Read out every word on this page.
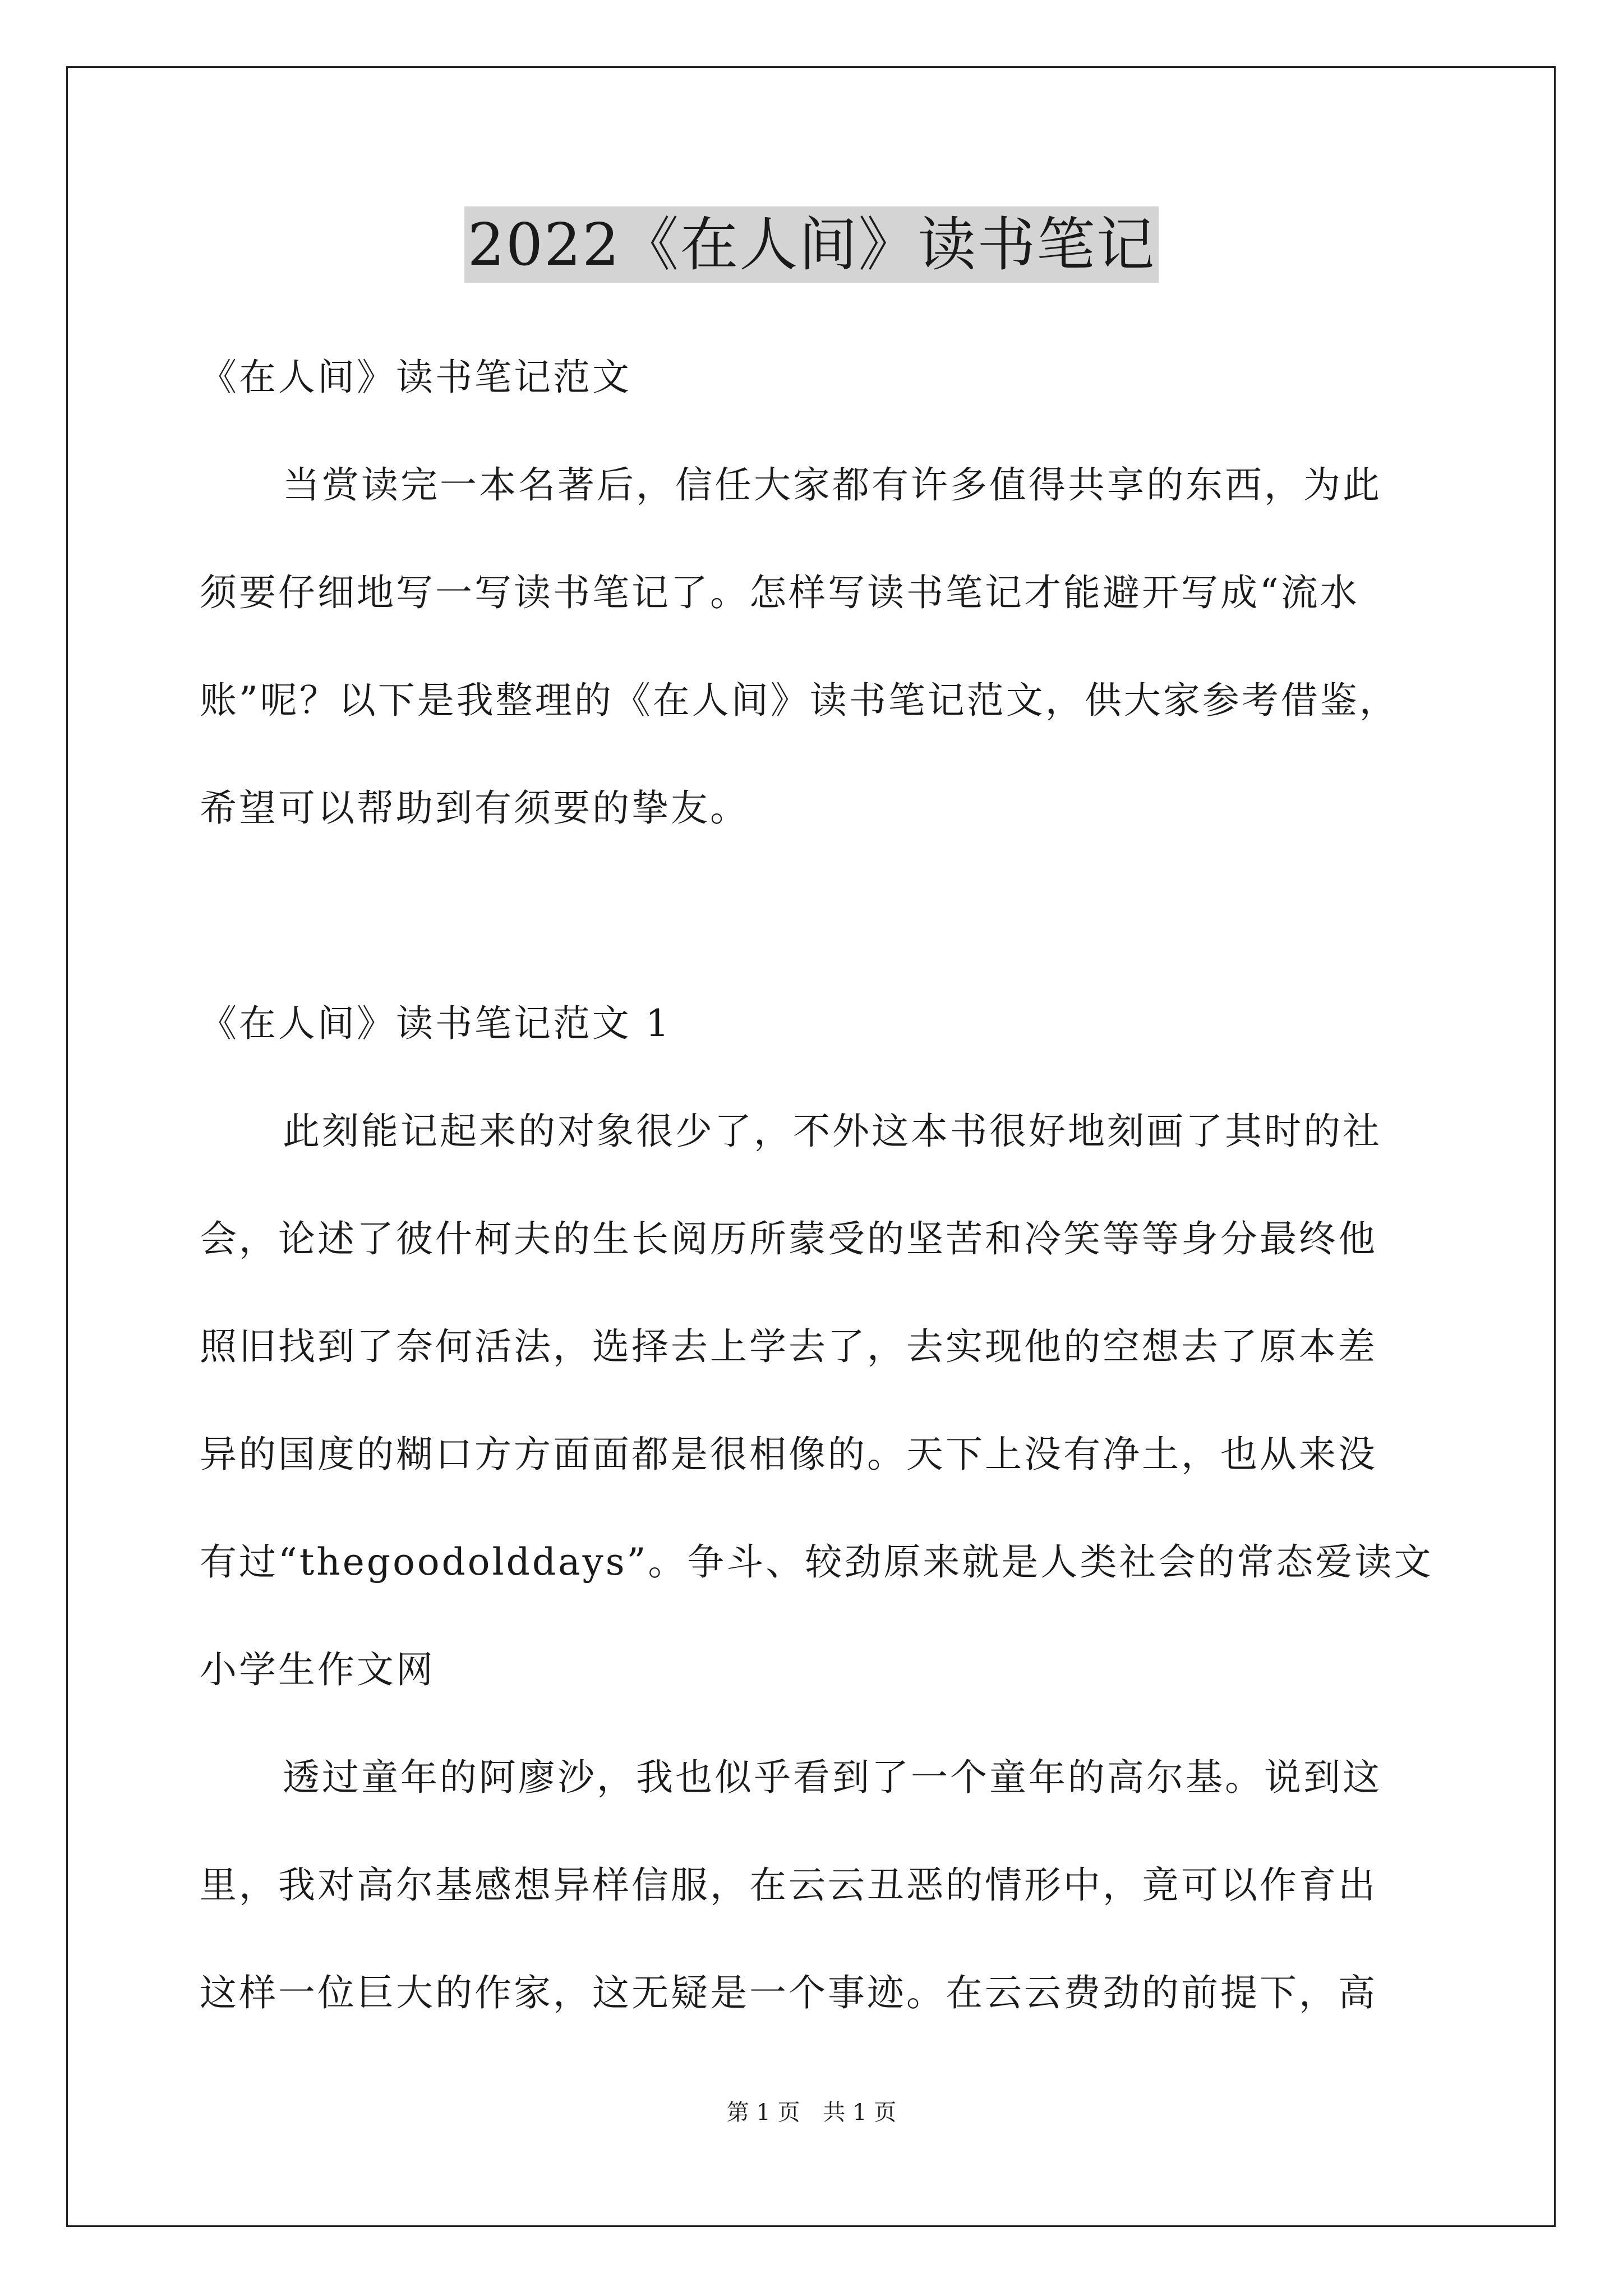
2022《在人间》读书笔记
《在人间》读书笔记范文
当赏读完一本名著后，信任大家都有许多值得共享的东西，为此
须要仔细地写一写读书笔记了。怎样写读书笔记才能避开写成“流水
账”呢？以下是我整理的《在人间》读书笔记范文，供大家参考借鉴，
希望可以帮助到有须要的挚友。
《在人间》读书笔记范文 1
此刻能记起来的对象很少了，不外这本书很好地刻画了其时的社
会，论述了彼什柯夫的生长阅历所蒙受的坚苦和冷笑等等身分最终他
照旧找到了奈何活法，选择去上学去了，去实现他的空想去了原本差
异的国度的糊口方方面面都是很相像的。天下上没有净土，也从来没
有过“thegoodolddays”。争斗、较劲原来就是人类社会的常态爱读文
小学生作文网
透过童年的阿廖沙，我也似乎看到了一个童年的高尔基。说到这
里，我对高尔基感想异样信服，在云云丑恶的情形中，竟可以作育出
这样一位巨大的作家，这无疑是一个事迹。在云云费劲的前提下，高
第 1 页 共 1 页
